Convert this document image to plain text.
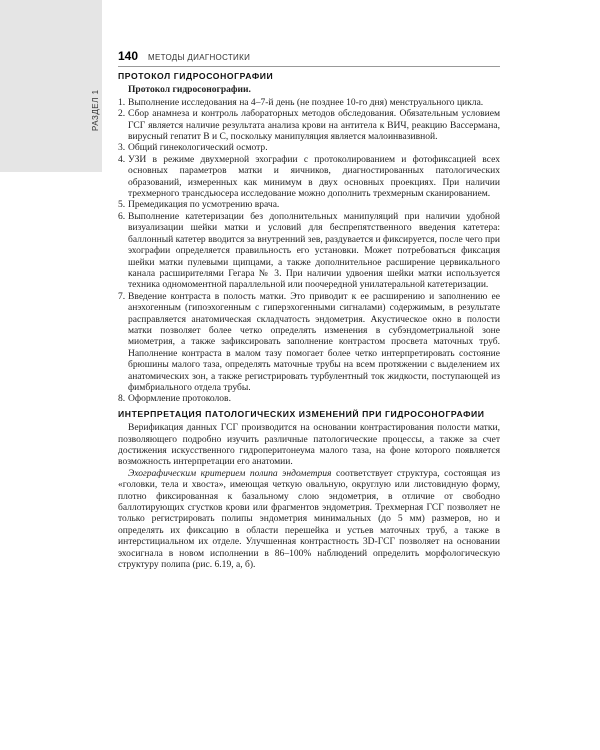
РАЗДЕЛ 1
140 МЕТОДЫ ДИАГНОСТИКИ
ПРОТОКОЛ ГИДРОСОНОГРАФИИ
Протокол гидросонографии.
1. Выполнение исследования на 4–7-й день (не позднее 10-го дня) менструального цикла.
2. Сбор анамнеза и контроль лабораторных методов обследования. Обязательным условием ГСГ является наличие результата анализа крови на антитела к ВИЧ, реакцию Вассермана, вирусный гепатит В и С, поскольку манипуляция является малоинвазивной.
3. Общий гинекологический осмотр.
4. УЗИ в режиме двухмерной эхографии с протоколированием и фотофиксацией всех основных параметров матки и яичников, диагностированных патологических образований, измеренных как минимум в двух основных проекциях. При наличии трехмерного трансдьюсера исследование можно дополнить трехмерным сканированием.
5. Премедикация по усмотрению врача.
6. Выполнение катетеризации без дополнительных манипуляций при наличии удобной визуализации шейки матки и условий для беспрепятственного введения катетера: баллонный катетер вводится за внутренний зев, раздувается и фиксируется, после чего при эхографии определяется правильность его установки. Может потребоваться фиксация шейки матки пулевыми щипцами, а также дополнительное расширение цервикального канала расширителями Гегара № 3. При наличии удвоения шейки матки используется техника одномоментной параллельной или поочередной унилатеральной катетеризации.
7. Введение контраста в полость матки. Это приводит к ее расширению и заполнению ее анэхогенным (гипоэхогенным с гиперэхогенными сигналами) содержимым, в результате расправляется анатомическая складчатость эндометрия. Акустическое окно в полости матки позволяет более четко определять изменения в субэндометриальной зоне миометрия, а также зафиксировать заполнение контрастом просвета маточных труб. Наполнение контраста в малом тазу помогает более четко интерпретировать состояние брюшины малого таза, определять маточные трубы на всем протяжении с выделением их анатомических зон, а также регистрировать турбулентный ток жидкости, поступающей из фимбриального отдела трубы.
8. Оформление протоколов.
ИНТЕРПРЕТАЦИЯ ПАТОЛОГИЧЕСКИХ ИЗМЕНЕНИЙ ПРИ ГИДРОСОНОГРАФИИ

Верификация данных ГСГ производится на основании контрастирования полости матки, позволяющего подробно изучить различные патологические процессы, а также за счет достижения искусственного гидроперитонеума малого таза, на фоне которого появляется возможность интерпретации его анатомии.

Эхографическим критерием полипа эндометрия соответствует структура, состоящая из «головки, тела и хвоста», имеющая четкую овальную, округлую или листовидную форму, плотно фиксированная к базальному слою эндометрия, в отличие от свободно баллотирующих сгустков крови или фрагментов эндометрия. Трехмерная ГСГ позволяет не только регистрировать полипы эндометрия минимальных (до 5 мм) размеров, но и определять их фиксацию в области перешейка и устьев маточных труб, а также в интерстициальном их отделе. Улучшенная контрастность 3D-ГСГ позволяет на основании эхосигнала в новом исполнении в 86–100% наблюдений определить морфологическую структуру полипа (рис. 6.19, а, б).
